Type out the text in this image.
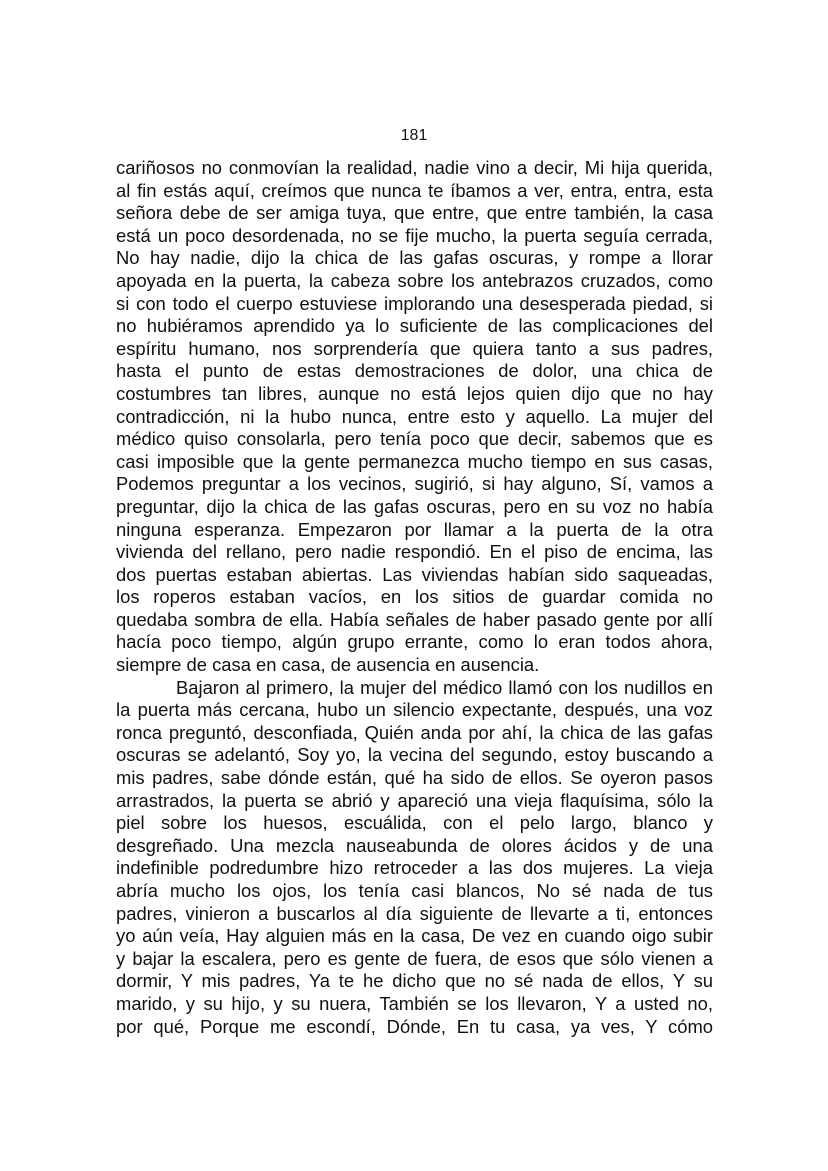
181
cariñosos no conmovían la realidad, nadie vino a decir, Mi hija querida,
al fin estás aquí, creímos que nunca te íbamos a ver, entra, entra, esta
señora debe de ser amiga tuya, que entre, que entre también, la casa
está un poco desordenada, no se fije mucho, la puerta seguía cerrada,
No hay nadie, dijo la chica de las gafas oscuras, y rompe a llorar
apoyada en la puerta, la cabeza sobre los antebrazos cruzados, como
si con todo el cuerpo estuviese implorando una desesperada piedad, si
no hubiéramos aprendido ya lo suficiente de las complicaciones del
espíritu humano, nos sorprendería que quiera tanto a sus padres,
hasta el punto de estas demostraciones de dolor, una chica de
costumbres tan libres, aunque no está lejos quien dijo que no hay
contradicción, ni la hubo nunca, entre esto y aquello. La mujer del
médico quiso consolarla, pero tenía poco que decir, sabemos que es
casi imposible que la gente permanezca mucho tiempo en sus casas,
Podemos preguntar a los vecinos, sugirió, si hay alguno, Sí, vamos a
preguntar, dijo la chica de las gafas oscuras, pero en su voz no había
ninguna esperanza. Empezaron por llamar a la puerta de la otra
vivienda del rellano, pero nadie respondió. En el piso de encima, las
dos puertas estaban abiertas. Las viviendas habían sido saqueadas,
los roperos estaban vacíos, en los sitios de guardar comida no
quedaba sombra de ella. Había señales de haber pasado gente por allí
hacía poco tiempo, algún grupo errante, como lo eran todos ahora,
siempre de casa en casa, de ausencia en ausencia.
Bajaron al primero, la mujer del médico llamó con los nudillos en
la puerta más cercana, hubo un silencio expectante, después, una voz
ronca preguntó, desconfiada, Quién anda por ahí, la chica de las gafas
oscuras se adelantó, Soy yo, la vecina del segundo, estoy buscando a
mis padres, sabe dónde están, qué ha sido de ellos. Se oyeron pasos
arrastrados, la puerta se abrió y apareció una vieja flaquísima, sólo la
piel sobre los huesos, escuálida, con el pelo largo, blanco y
desgreñado. Una mezcla nauseabunda de olores ácidos y de una
indefinible podredumbre hizo retroceder a las dos mujeres. La vieja
abría mucho los ojos, los tenía casi blancos, No sé nada de tus
padres, vinieron a buscarlos al día siguiente de llevarte a ti, entonces
yo aún veía, Hay alguien más en la casa, De vez en cuando oigo subir
y bajar la escalera, pero es gente de fuera, de esos que sólo vienen a
dormir, Y mis padres, Ya te he dicho que no sé nada de ellos, Y su
marido, y su hijo, y su nuera, También se los llevaron, Y a usted no,
por qué, Porque me escondí, Dónde, En tu casa, ya ves, Y cómo
